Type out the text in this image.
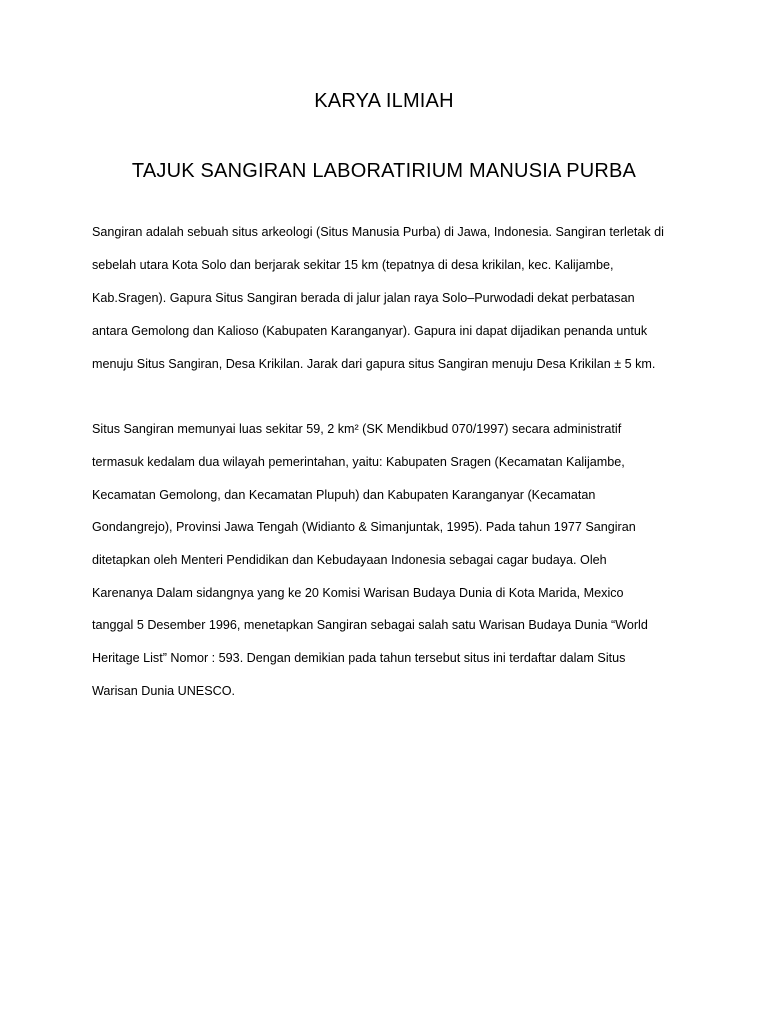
KARYA ILMIAH
TAJUK SANGIRAN LABORATIRIUM MANUSIA PURBA

Sangiran adalah sebuah situs arkeologi (Situs Manusia Purba) di Jawa, Indonesia. Sangiran terletak di

sebelah utara Kota Solo dan berjarak sekitar 15 km (tepatnya di desa krikilan, kec. Kalijambe,

Kab.Sragen). Gapura Situs Sangiran berada di jalur jalan raya Solo–Purwodadi dekat perbatasan

antara Gemolong dan Kalioso (Kabupaten Karanganyar). Gapura ini dapat dijadikan penanda untuk

menuju Situs Sangiran, Desa Krikilan. Jarak dari gapura situs Sangiran menuju Desa Krikilan ± 5 km.

Situs Sangiran memunyai luas sekitar 59, 2 km² (SK Mendikbud 070/1997) secara administratif

termasuk kedalam dua wilayah pemerintahan, yaitu: Kabupaten Sragen (Kecamatan Kalijambe,

Kecamatan Gemolong, dan Kecamatan Plupuh) dan Kabupaten Karanganyar (Kecamatan

Gondangrejo), Provinsi Jawa Tengah (Widianto & Simanjuntak, 1995). Pada tahun 1977 Sangiran

ditetapkan oleh Menteri Pendidikan dan Kebudayaan Indonesia sebagai cagar budaya. Oleh

Karenanya Dalam sidangnya yang ke 20 Komisi Warisan Budaya Dunia di Kota Marida, Mexico

tanggal 5 Desember 1996, menetapkan Sangiran sebagai salah satu Warisan Budaya Dunia “World

Heritage List” Nomor : 593. Dengan demikian pada tahun tersebut situs ini terdaftar dalam Situs

Warisan Dunia UNESCO.
